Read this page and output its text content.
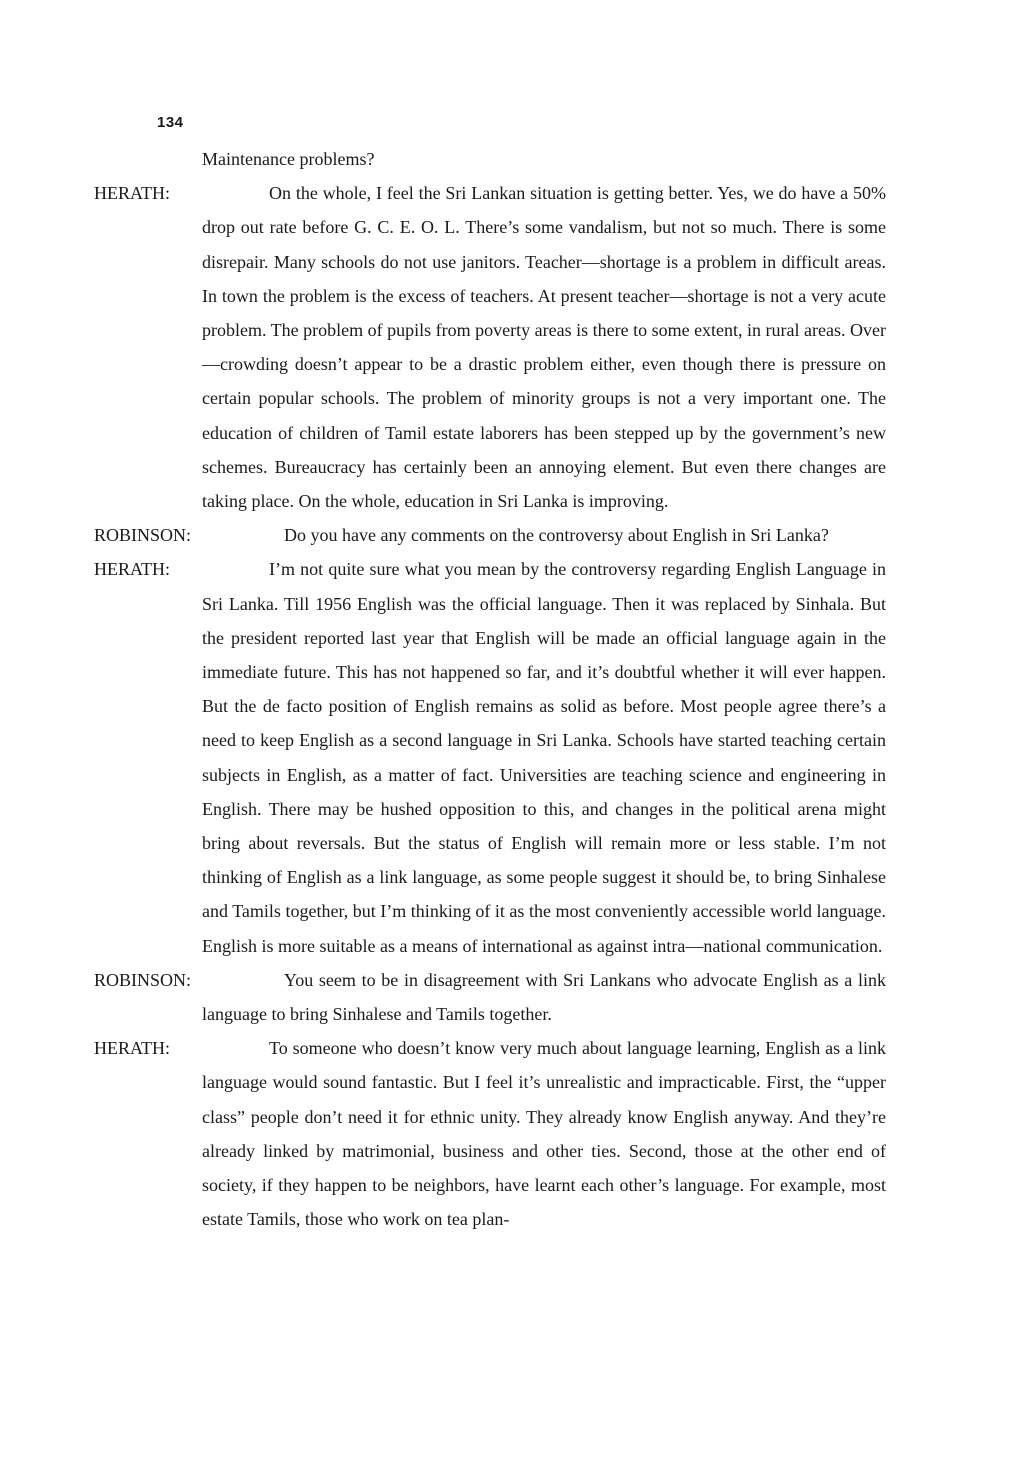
134

Maintenance problems?

HERATH:	On the whole, I feel the Sri Lankan situation is getting better. Yes, we do have a 50% drop out rate before G. C. E. O. L. There’s some vandalism, but not so much. There is some disrepair. Many schools do not use janitors. Teacher—shortage is a problem in difficult areas. In town the problem is the excess of teachers. At present teacher—shortage is not a very acute problem. The problem of pupils from poverty areas is there to some extent, in rural areas. Over—crowding doesn’t appear to be a drastic problem either, even though there is pressure on certain popular schools. The problem of minority groups is not a very important one. The education of children of Tamil estate laborers has been stepped up by the government’s new schemes. Bureaucracy has certainly been an annoying element. But even there changes are taking place. On the whole, education in Sri Lanka is improving.

ROBINSON:	Do you have any comments on the controversy about English in Sri Lanka?

HERATH:	I’m not quite sure what you mean by the controversy regarding English Language in Sri Lanka. Till 1956 English was the official language. Then it was replaced by Sinhala. But the president reported last year that English will be made an official language again in the immediate future. This has not happened so far, and it’s doubtful whether it will ever happen. But the de facto position of English remains as solid as before. Most people agree there’s a need to keep English as a second language in Sri Lanka. Schools have started teaching certain subjects in English, as a matter of fact. Universities are teaching science and engineering in English. There may be hushed opposition to this, and changes in the political arena might bring about reversals. But the status of English will remain more or less stable. I’m not thinking of English as a link language, as some people suggest it should be, to bring Sinhalese and Tamils together, but I’m thinking of it as the most conveniently accessible world language. English is more suitable as a means of international as against intra—national communication.

ROBINSON:	You seem to be in disagreement with Sri Lankans who advocate English as a link language to bring Sinhalese and Tamils together.

HERATH:	To someone who doesn’t know very much about language learning, English as a link language would sound fantastic. But I feel it’s unrealistic and impracticable. First, the “upper class” people don’t need it for ethnic unity. They already know English anyway. And they’re already linked by matrimonial, business and other ties. Second, those at the other end of society, if they happen to be neighbors, have learnt each other’s language. For example, most estate Tamils, those who work on tea plan-
